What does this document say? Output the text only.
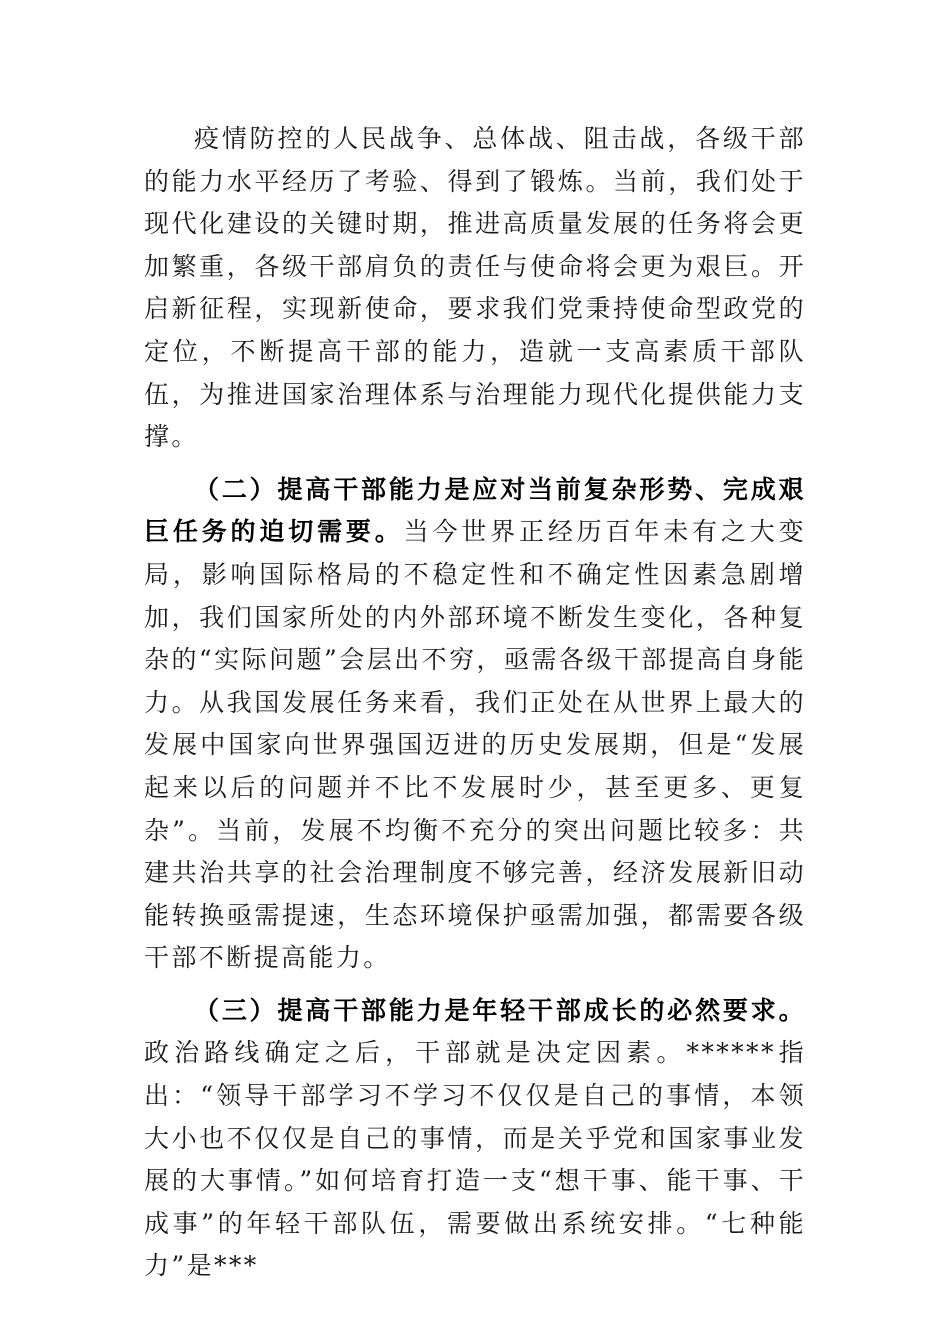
疫情防控的人民战争、总体战、阻击战，各级干部的能力水平经历了考验、得到了锻炼。当前，我们处于现代化建设的关键时期，推进高质量发展的任务将会更加繁重，各级干部肩负的责任与使命将会更为艰巨。开启新征程，实现新使命，要求我们党秉持使命型政党的定位，不断提高干部的能力，造就一支高素质干部队伍，为推进国家治理体系与治理能力现代化提供能力支撑。

（二）提高干部能力是应对当前复杂形势、完成艰巨任务的迫切需要。当今世界正经历百年未有之大变局，影响国际格局的不稳定性和不确定性因素急剧增加，我们国家所处的内外部环境不断发生变化，各种复杂的“实际问题”会层出不穷，亟需各级干部提高自身能力。从我国发展任务来看，我们正处在从世界上最大的发展中国家向世界强国迈进的历史发展期，但是“发展起来以后的问题并不比不发展时少，甚至更多、更复杂”。当前，发展不均衡不充分的突出问题比较多：共建共治共享的社会治理制度不够完善，经济发展新旧动能转换亟需提速，生态环境保护亟需加强，都需要各级干部不断提高能力。

（三）提高干部能力是年轻干部成长的必然要求。政治路线确定之后，干部就是决定因素。******指出：“领导干部学习不学习不仅仅是自己的事情，本领大小也不仅仅是自己的事情，而是关乎党和国家事业发展的大事情。”如何培育打造一支“想干事、能干事、干成事”的年轻干部队伍，需要做出系统安排。“七种能力”是***
